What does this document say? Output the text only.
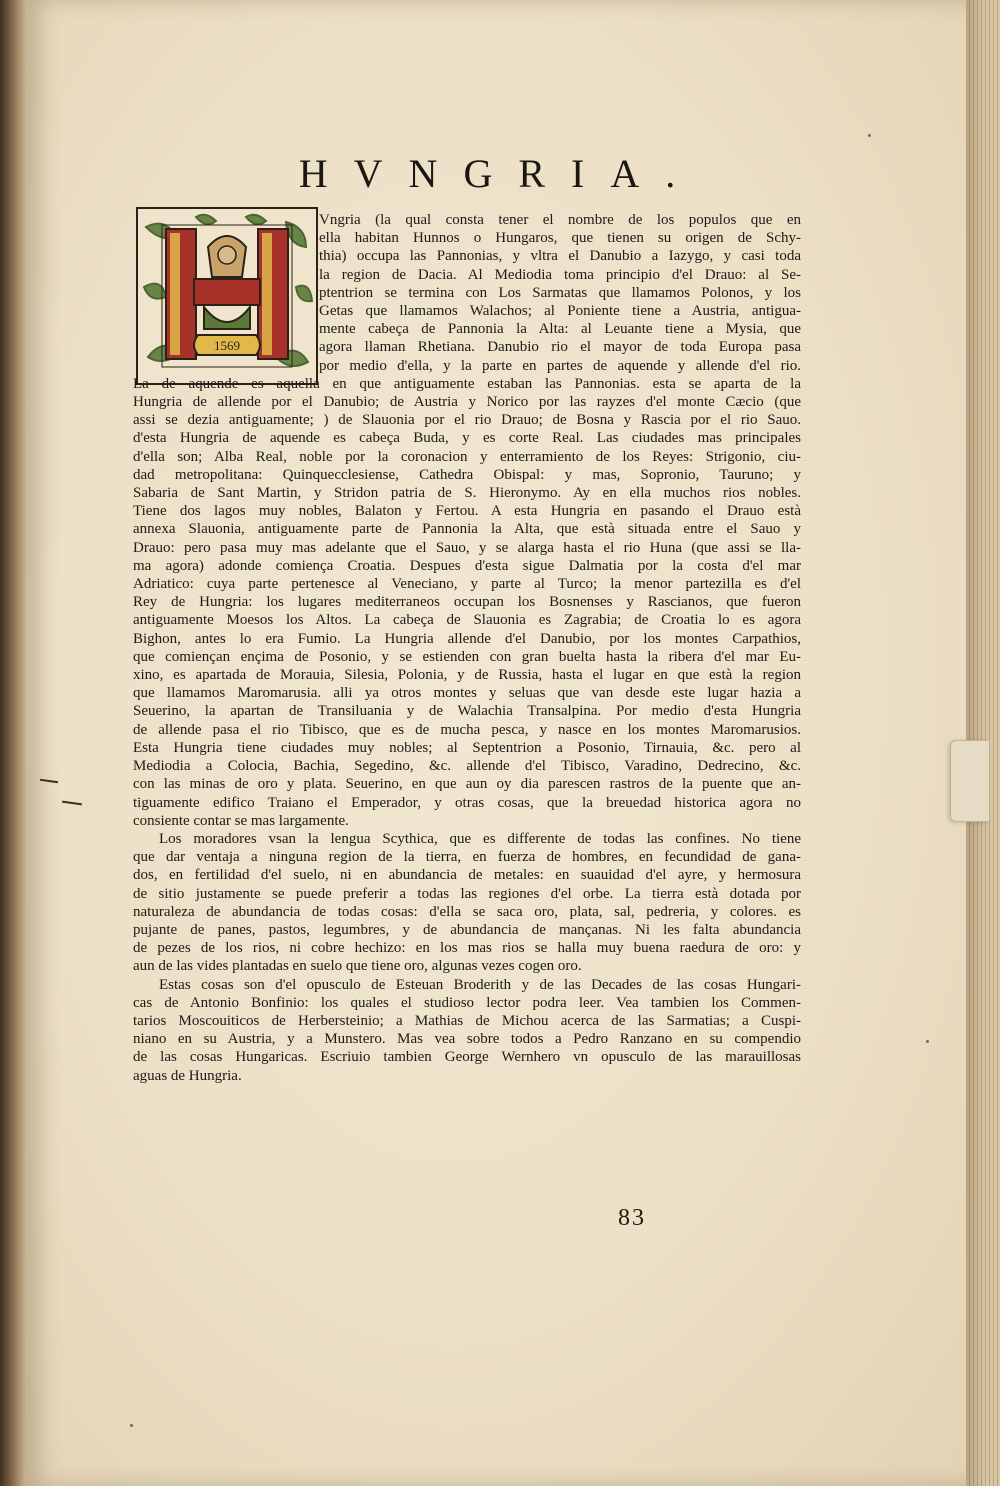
HVNGRIA.
1569

Vngria (la qual consta tener el nombre de los populos que en
ella habitan Hunnos o Hungaros, que tienen su origen de Schy-
thia) occupa las Pannonias, y vltra el Danubio a Iazygo, y casi toda
la region de Dacia. Al Mediodia toma principio d'el Drauo: al Se-
ptentrion se termina con Los Sarmatas que llamamos Polonos, y los
Getas que llamamos Walachos; al Poniente tiene a Austria, antigua-
mente cabeça de Pannonia la Alta: al Leuante tiene a Mysia, que
agora llaman Rhetiana. Danubio rio el mayor de toda Europa pasa
por medio d'ella, y la parte en partes de aquende y allende d'el rio.
La de aquende es aquella en que antiguamente estaban las Pannonias. esta se aparta de la
Hungria de allende por el Danubio; de Austria y Norico por las rayzes d'el monte Cæcio (que
assi se dezia antiguamente; ) de Slauonia por el rio Drauo; de Bosna y Rascia por el rio Sauo.
d'esta Hungria de aquende es cabeça Buda, y es corte Real. Las ciudades mas principales
d'ella son; Alba Real, noble por la coronacion y enterramiento de los Reyes: Strigonio, ciu-
dad metropolitana: Quinquecclesiense, Cathedra Obispal: y mas, Sopronio, Taurunо; y
Sabaria de Sant Martin, y Stridon patria de S. Hieronymo. Ay en ella muchos rios nobles.
Tiene dos lagos muy nobles, Balaton y Fertou. A esta Hungria en pasando el Drauo està
annexa Slauonia, antiguamente parte de Pannonia la Alta, que està situada entre el Sauo y
Drauo: pero pasa muy mas adelante que el Sauo, y se alarga hasta el rio Huna (que assi se lla-
ma agora) adonde comiença Croatia. Despues d'esta sigue Dalmatia por la costa d'el mar
Adriatico: cuya parte pertenesce al Veneciano, y parte al Turco; la menor partezilla es d'el
Rey de Hungria: los lugares mediterraneos occupan los Bosnenses y Rascianos, que fueron
antiguamente Moesos los Altos. La cabeça de Slauonia es Zagrabia; de Croatia lo es agora
Bighon, antes lo era Fumio. La Hungria allende d'el Danubio, por los montes Carpathios,
que comiençan ençima de Posonio, y se estienden con gran buelta hasta la ribera d'el mar Eu-
xino, es apartada de Morauia, Silesia, Polonia, y de Russia, hasta el lugar en que està la region
que llamamos Maromarusia. alli ya otros montes y seluas que van desde este lugar hazia a
Seuerino, la apartan de Transiluania y de Walachia Transalpina. Por medio d'esta Hungria
de allende pasa el rio Tibisco, que es de mucha pesca, y nasce en los montes Maromarusios.
Esta Hungria tiene ciudades muy nobles; al Septentrion a Posonio, Tirnauia, &c. pero al
Mediodia a Colocia, Bachia, Segedino, &c. allende d'el Tibisco, Varadino, Dedrecino, &c.
con las minas de oro y plata. Seuerino, en que aun oy dia parescen rastros de la puente que an-
tiguamente edifico Traiano el Emperador, y otras cosas, que la breuedad historica agora no
consiente contar se mas largamente.

Los moradores vsan la lengua Scythica, que es differente de todas las confines. No tiene
que dar ventaja a ninguna region de la tierra, en fuerza de hombres, en fecundidad de gana-
dos, en fertilidad d'el suelo, ni en abundancia de metales: en suauidad d'el ayre, y hermosura
de sitio justamente se puede preferir a todas las regiones d'el orbe. La tierra està dotada por
naturaleza de abundancia de todas cosas: d'ella se saca oro, plata, sal, pedreria, y colores. es
pujante de panes, pastos, legumbres, y de abundancia de mançanas. Ni les falta abundancia
de pezes de los rios, ni cobre hechizo: en los mas rios se halla muy buena raedura de oro: y
aun de las vides plantadas en suelo que tiene oro, algunas vezes cogen oro.

Estas cosas son d'el opusculo de Esteuan Broderith y de las Decades de las cosas Hungari-
cas de Antonio Bonfinio: los quales el studioso lector podra leer. Vea tambien los Commen-
tarios Moscouiticos de Herbersteinio; a Mathias de Michou acerca de las Sarmatias; a Cuspi-
niano en su Austria, y a Munstero. Mas vea sobre todos a Pedro Ranzano en su compendio
de las cosas Hungaricas. Escriuio tambien George Wernhero vn opusculo de las marauillosas
aguas de Hungria.

83
